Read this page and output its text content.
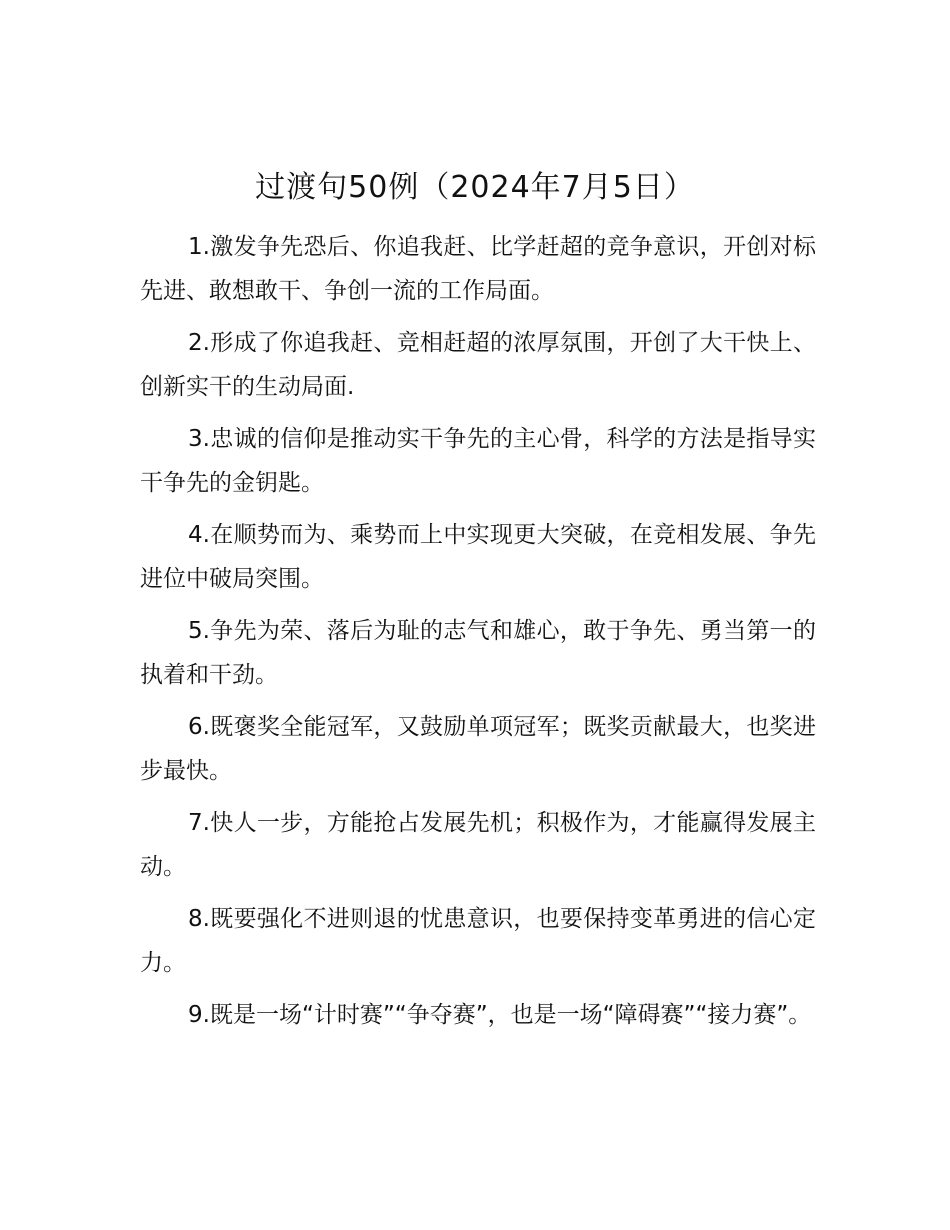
过渡句50例（2024年7月5日）
1.激发争先恐后、你追我赶、比学赶超的竞争意识，开创对标先进、敢想敢干、争创一流的工作局面。
2.形成了你追我赶、竞相赶超的浓厚氛围，开创了大干快上、创新实干的生动局面.
3.忠诚的信仰是推动实干争先的主心骨，科学的方法是指导实干争先的金钥匙。
4.在顺势而为、乘势而上中实现更大突破，在竞相发展、争先进位中破局突围。
5.争先为荣、落后为耻的志气和雄心，敢于争先、勇当第一的执着和干劲。
6.既褒奖全能冠军，又鼓励单项冠军；既奖贡献最大，也奖进步最快。
7.快人一步，方能抢占发展先机；积极作为，才能赢得发展主动。
8.既要强化不进则退的忧患意识，也要保持变革勇进的信心定力。
9.既是一场“计时赛”“争夺赛”，也是一场“障碍赛”“接力赛”。
